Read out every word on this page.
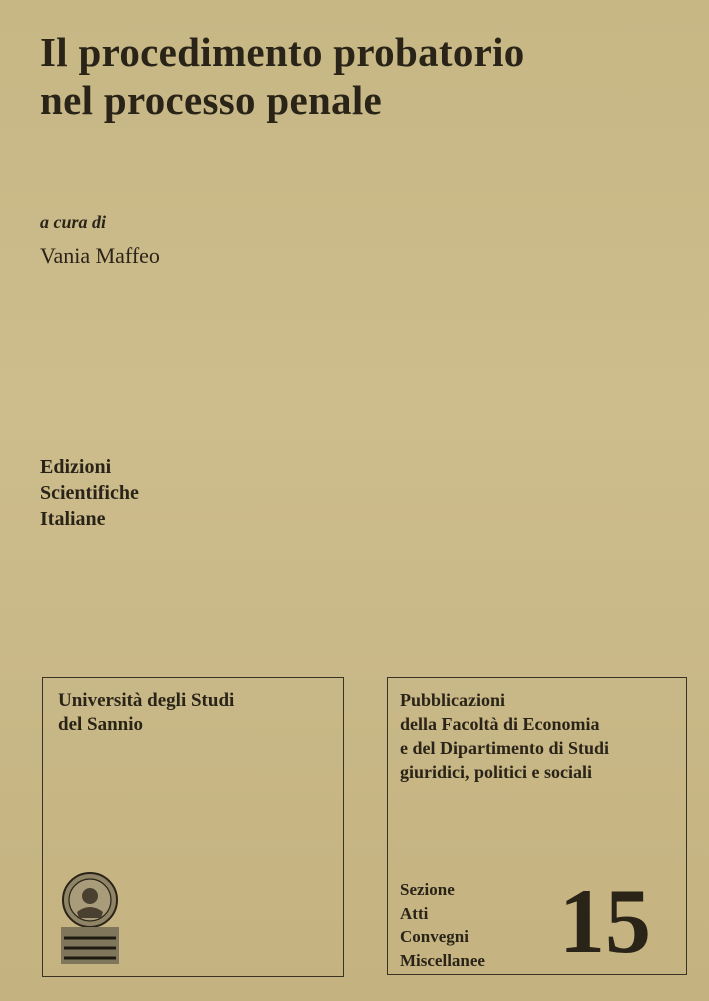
Il procedimento probatorio
nel processo penale
a cura di
Vania Maffeo
Edizioni
Scientifiche
Italiane
Università degli Studi
del Sannio
Pubblicazioni
della Facoltà di Economia
e del Dipartimento di Studi
giuridici, politici e sociali
Sezione
Atti
Convegni
Miscellanee 15
